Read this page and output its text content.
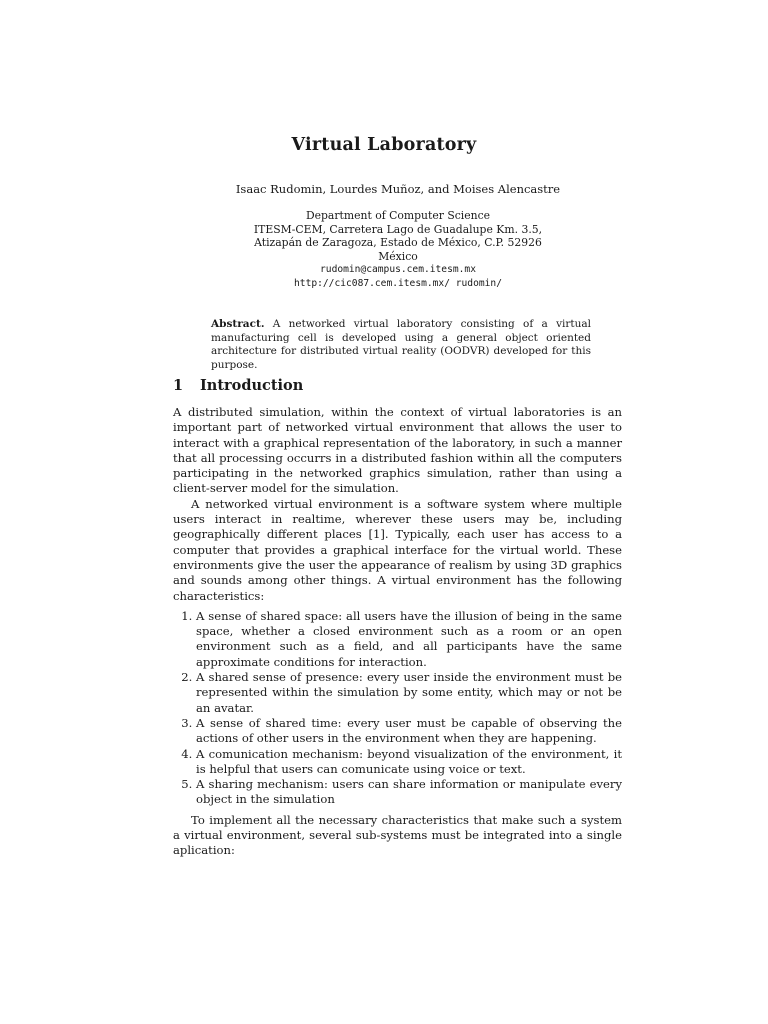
Virtual Laboratory
Isaac Rudomin, Lourdes Muñoz, and Moises Alencastre
Department of Computer Science
ITESM-CEM, Carretera Lago de Guadalupe Km. 3.5,
Atizapán de Zaragoza, Estado de México, C.P. 52926
México
rudomin@campus.cem.itesm.mx
http://cic087.cem.itesm.mx/ rudomin/
Abstract. A networked virtual laboratory consisting of a virtual manufacturing cell is developed using a general object oriented architecture for distributed virtual reality (OODVR) developed for this purpose.
1 Introduction

A distributed simulation, within the context of virtual laboratories is an important part of networked virtual environment that allows the user to interact with a graphical representation of the laboratory, in such a manner that all processing occurrs in a distributed fashion within all the computers participating in the networked graphics simulation, rather than using a client-server model for the simulation.

A networked virtual environment is a software system where multiple users interact in realtime, wherever these users may be, including geographically different places [1]. Typically, each user has access to a computer that provides a graphical interface for the virtual world. These environments give the user the appearance of realism by using 3D graphics and sounds among other things. A virtual environment has the following characteristics:

1. A sense of shared space: all users have the illusion of being in the same space, whether a closed environment such as a room or an open environment such as a field, and all participants have the same approximate conditions for interaction.
2. A shared sense of presence: every user inside the environment must be represented within the simulation by some entity, which may or not be an avatar.
3. A sense of shared time: every user must be capable of observing the actions of other users in the environment when they are happening.
4. A comunication mechanism: beyond visualization of the environment, it is helpful that users can comunicate using voice or text.
5. A sharing mechanism: users can share information or manipulate every object in the simulation

To implement all the necessary characteristics that make such a system a virtual environment, several sub-systems must be integrated into a single aplication:
